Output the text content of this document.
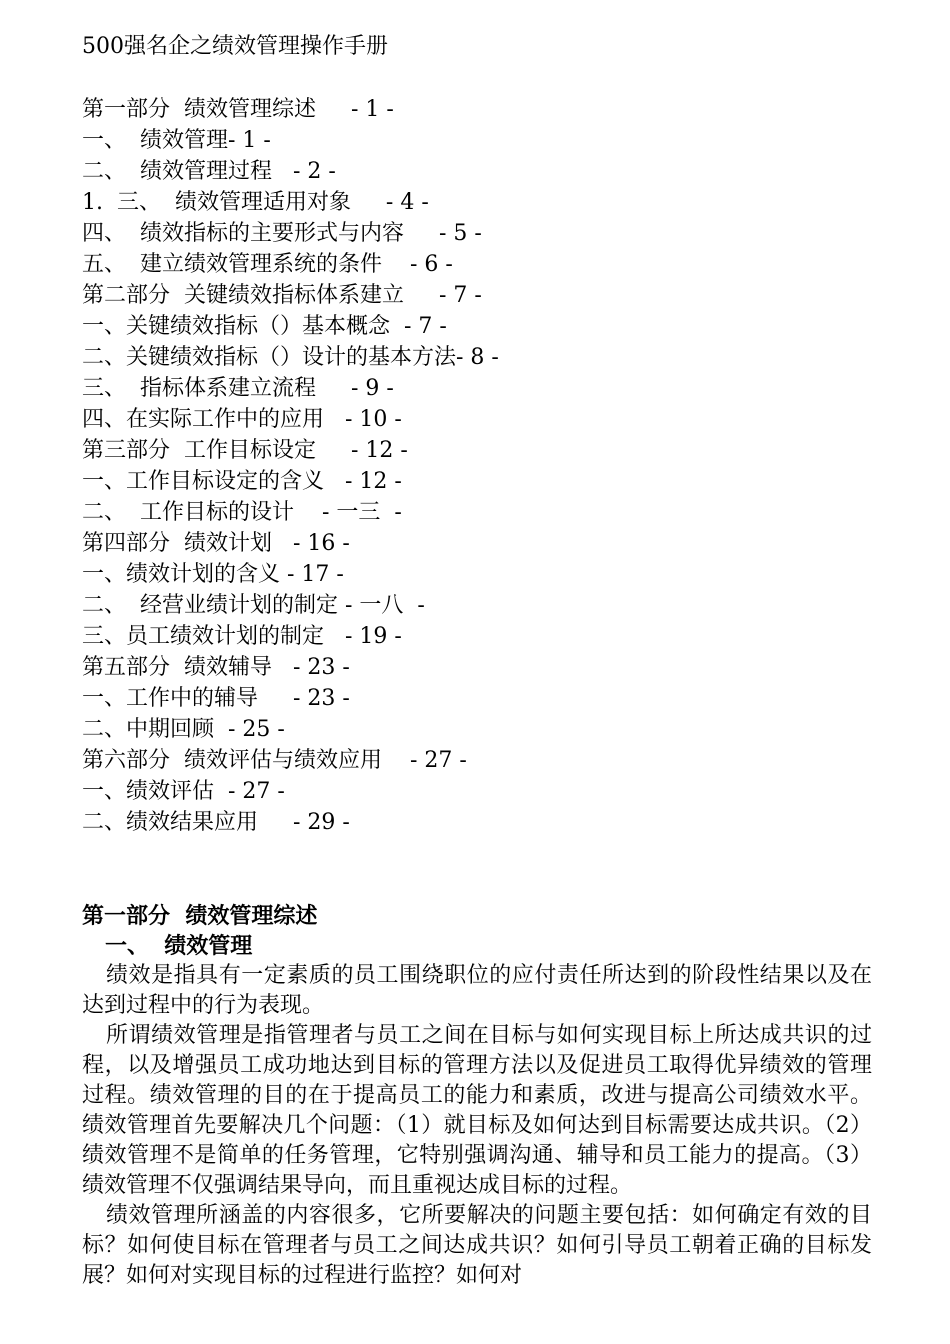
500强名企之绩效管理操作手册
第一部分  绩效管理综述     - 1 -
一、  绩效管理- 1 -
二、  绩效管理过程   - 2 -
1.  三、  绩效管理适用对象     - 4 -
四、  绩效指标的主要形式与内容     - 5 -
五、  建立绩效管理系统的条件    - 6 -
第二部分  关键绩效指标体系建立     - 7 -
一、关键绩效指标（）基本概念  - 7 -
二、关键绩效指标（）设计的基本方法- 8 -
三、  指标体系建立流程     - 9 -
四、在实际工作中的应用   - 10 -
第三部分  工作目标设定     - 12 -
一、工作目标设定的含义   - 12 -
二、  工作目标的设计    - 一三  -
第四部分  绩效计划   - 16 -
一、绩效计划的含义 - 17 -
二、  经营业绩计划的制定 - 一八  -
三、员工绩效计划的制定   - 19 -
第五部分  绩效辅导   - 23 -
一、工作中的辅导     - 23 -
二、中期回顾  - 25 -
第六部分  绩效评估与绩效应用    - 27 -
一、绩效评估  - 27 -
二、绩效结果应用     - 29 -
第一部分  绩效管理综述
一、  绩效管理

绩效是指具有一定素质的员工围绕职位的应付责任所达到的阶段性结果以及在达到过程中的行为表现。

所谓绩效管理是指管理者与员工之间在目标与如何实现目标上所达成共识的过程，以及增强员工成功地达到目标的管理方法以及促进员工取得优异绩效的管理过程。绩效管理的目的在于提高员工的能力和素质，改进与提高公司绩效水平。绩效管理首先要解决几个问题：（1）就目标及如何达到目标需要达成共识。（2）绩效管理不是简单的任务管理，它特别强调沟通、辅导和员工能力的提高。（3）绩效管理不仅强调结果导向，而且重视达成目标的过程。

绩效管理所涵盖的内容很多，它所要解决的问题主要包括：如何确定有效的目标？如何使目标在管理者与员工之间达成共识？如何引导员工朝着正确的目标发展？如何对实现目标的过程进行监控？如何对
